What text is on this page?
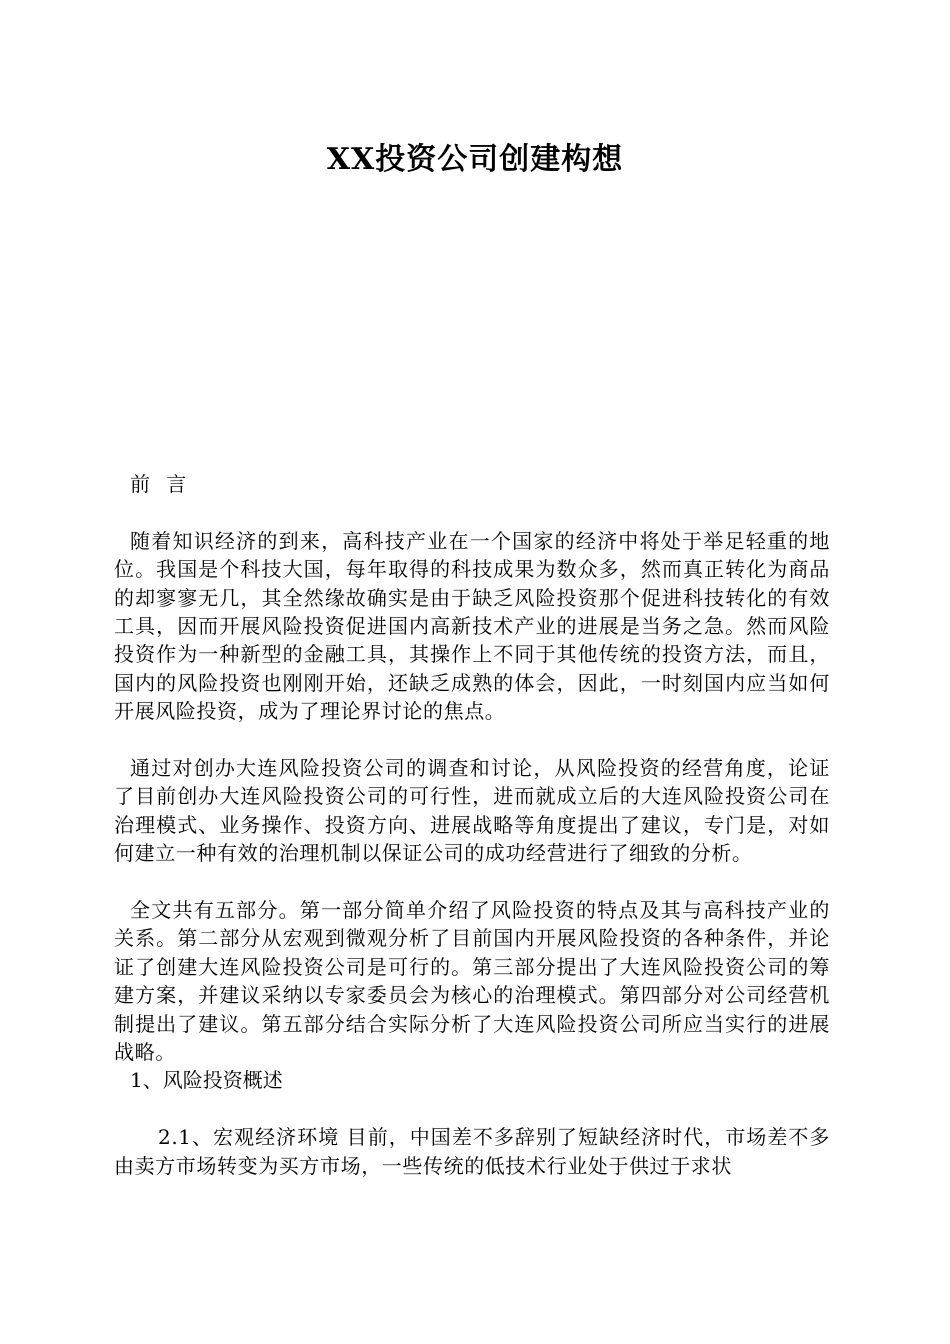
XX投资公司创建构想

前 言

随着知识经济的到来，高科技产业在一个国家的经济中将处于举足轻重的地位。我国是个科技大国，每年取得的科技成果为数众多，然而真正转化为商品的却寥寥无几，其全然缘故确实是由于缺乏风险投资那个促进科技转化的有效工具，因而开展风险投资促进国内高新技术产业的进展是当务之急。然而风险投资作为一种新型的金融工具，其操作上不同于其他传统的投资方法，而且，国内的风险投资也刚刚开始，还缺乏成熟的体会，因此，一时刻国内应当如何开展风险投资，成为了理论界讨论的焦点。

通过对创办大连风险投资公司的调查和讨论，从风险投资的经营角度，论证了目前创办大连风险投资公司的可行性，进而就成立后的大连风险投资公司在治理模式、业务操作、投资方向、进展战略等角度提出了建议，专门是，对如何建立一种有效的治理机制以保证公司的成功经营进行了细致的分析。

全文共有五部分。第一部分简单介绍了风险投资的特点及其与高科技产业的关系。第二部分从宏观到微观分析了目前国内开展风险投资的各种条件，并论证了创建大连风险投资公司是可行的。第三部分提出了大连风险投资公司的筹建方案，并建议采纳以专家委员会为核心的治理模式。第四部分对公司经营机制提出了建议。第五部分结合实际分析了大连风险投资公司所应当实行的进展战略。

1、风险投资概述

2.1、宏观经济环境 目前，中国差不多辞别了短缺经济时代，市场差不多由卖方市场转变为买方市场，一些传统的低技术行业处于供过于求状
